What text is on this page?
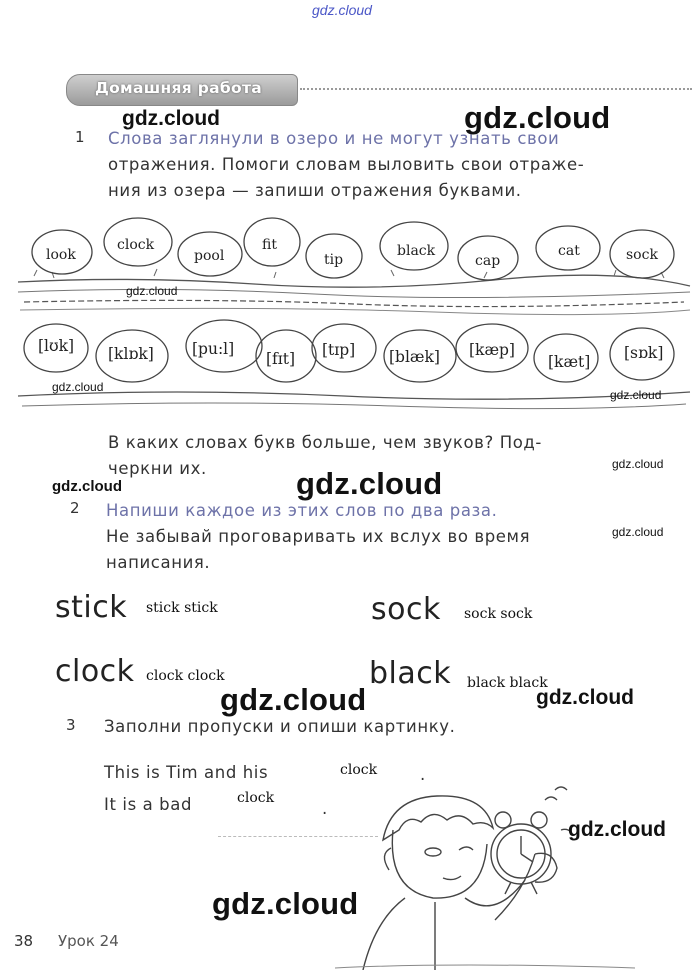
gdz.cloud
Домашняя работа
1 Слова заглянули в озеро и не могут узнать свои
отражения. Помоги словам выловить свои отраже-
ния из озера — запиши отражения буквами.
look
clock
pool
fit
tip
black
cap
cat	sock
[lʊk] [klɒk] [pu:l]
[fɪt] [tɪp] [blæk] [kæp]
[kæt] [sɒk]
В каких словах букв больше, чем звуков? Под-
черкни их.
2 Напиши каждое из этих слов по два раза.
Не забывай проговаривать их вслух во время
написания.
stick stick stick	sock sock sock
clock clock clock	black black black
3 Заполни пропуски и опиши картинку.
This is Tim and his	clock	.
It is a bad	clock
.
38 Урок 24
gdz.cloud
gdz.cloud
gdz.cloud
gdz.cloud
gdz.cloud
gdz.cloud
gdz.cloud
gdz.cloud
gdz.cloud
gdz.cloud	gdz.cloud
gdz.cloud
gdz.cloud
